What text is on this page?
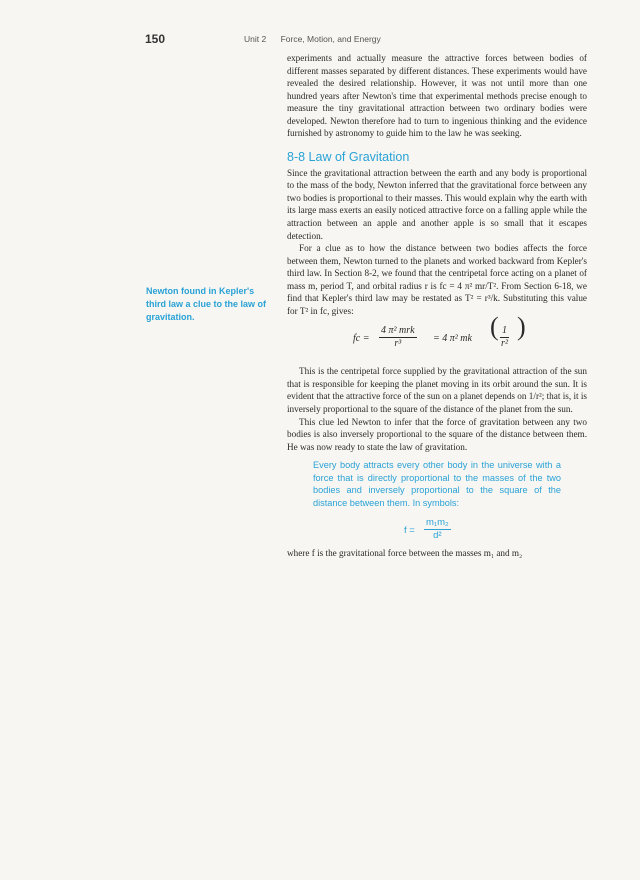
150	Unit 2 Force, Motion, and Energy
Newton found in Kepler's third law a clue to the law of gravitation.

experiments and actually measure the attractive forces between bodies of different masses separated by different distances. These experiments would have revealed the desired relationship. However, it was not until more than one hundred years after Newton's time that experimental methods precise enough to measure the tiny gravitational attraction between two ordinary bodies were developed. Newton therefore had to turn to ingenious thinking and the evidence furnished by astronomy to guide him to the law he was seeking.

8-8 Law of Gravitation

Since the gravitational attraction between the earth and any body is proportional to the mass of the body, Newton inferred that the gravitational force between any two bodies is proportional to their masses. This would explain why the earth with its large mass exerts an easily noticed attractive force on a falling apple while the attraction between an apple and another apple is so small that it escapes detection.

For a clue as to how the distance between two bodies affects the force between them, Newton turned to the planets and worked backward from Kepler's third law. In Section 8-2, we found that the centripetal force acting on a planet of mass m, period T, and orbital radius r is fc = 4 π² mr/T². From Section 6-18, we find that Kepler's third law may be restated as T² = r³/k. Substituting this value for T² in fc, gives:

fc =
4 π² mrk
r³	= 4 π² mk ( $\frac{1}{\text{r²}}$ )

This is the centripetal force supplied by the gravitational attraction of the sun that is responsible for keeping the planet moving in its orbit around the sun. It is evident that the attractive force of the sun on a planet depends on 1/r²; that is, it is inversely proportional to the square of the distance of the planet from the sun.

This clue led Newton to infer that the force of gravitation between any two bodies is also inversely proportional to the square of the distance between them. He was now ready to state the law of gravitation.

Every body attracts every other body in the universe with a force that is directly proportional to the masses of the two bodies and inversely proportional to the square of the distance between them. In symbols:
$f = \frac{\text{m₁m₂}}{\text{d²}}$

where f is the gravitational force between the masses m₁ and m₂
